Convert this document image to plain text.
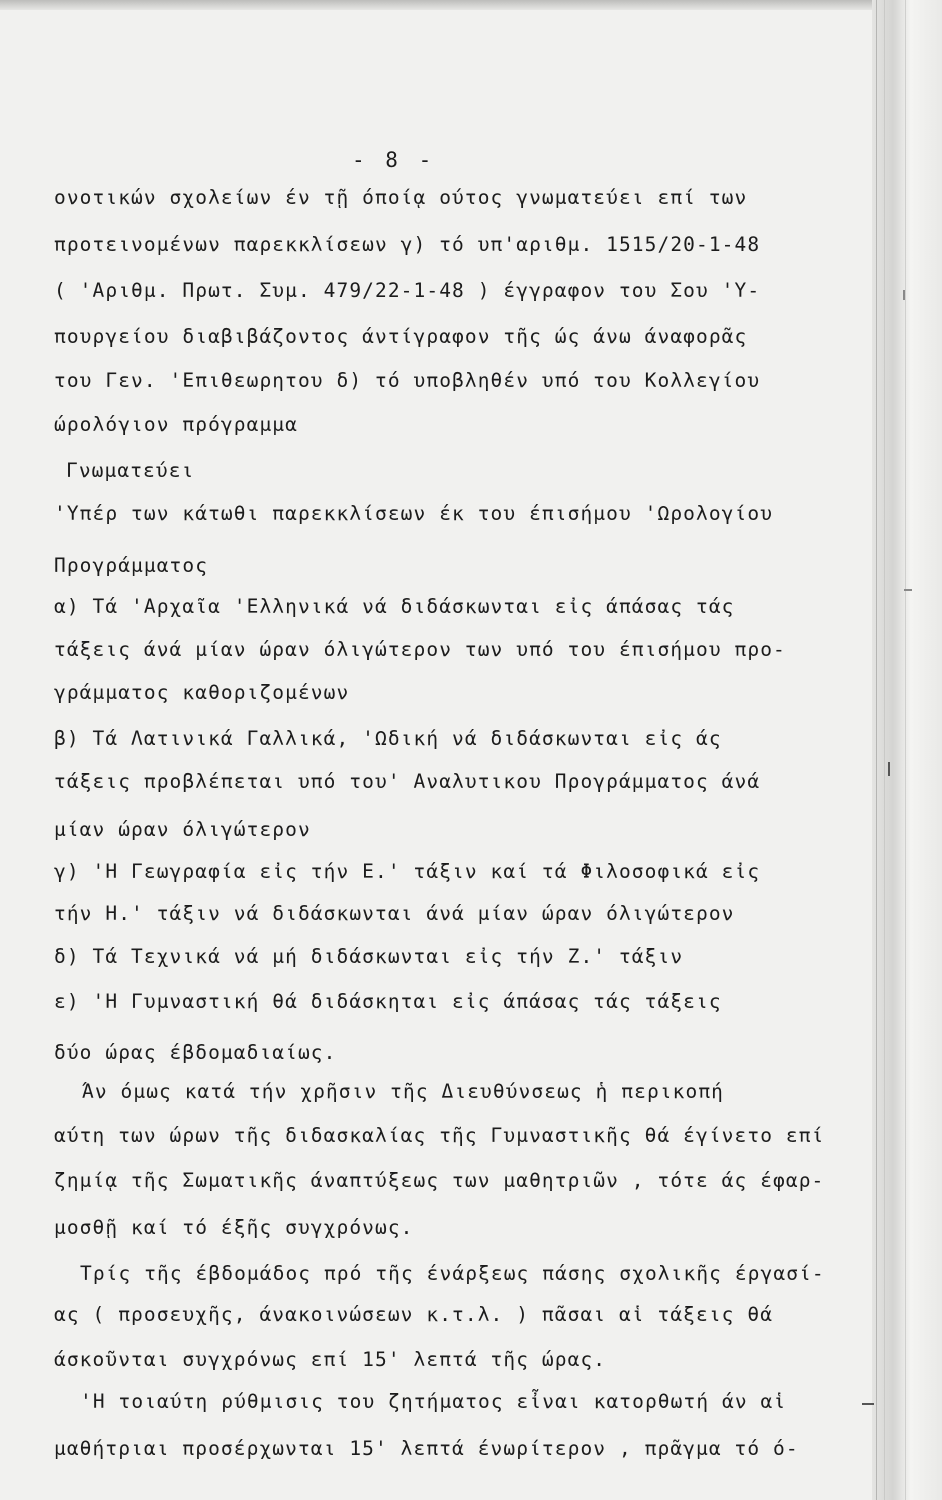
- 8 -
ονοτικών σχολείων έν τῇ όποίᾳ ούτος γνωματεύει επί των
προτεινομένων παρεκκλίσεων γ) τό υπ'αριθμ. 1515/20-1-48
( 'Αριθμ. Πρωτ. Συμ. 479/22-1-48 ) έγγραφον του Σου 'Υ-
πουργείου διαβιβάζοντος άντίγραφον τῆς ώς άνω άναφορᾶς
του Γεν. 'Επιθεωρητου δ) τό υποβληθέν υπό του Κολλεγίου
ώρολόγιον πρόγραμμα
Γνωματεύει
'Υπέρ των κάτωθι παρεκκλίσεων έκ του έπισήμου 'Ωρολογίου
Προγράμματος
α) Τά 'Αρχαῖα 'Ελληνικά νά διδάσκωνται εἰς άπάσας τάς
τάξεις άνά μίαν ώραν όλιγώτερον των υπό του έπισήμου προ-
γράμματος καθοριζομένων
β) Τά Λατινικά Γαλλικά, 'Ωδική νά διδάσκωνται εἰς άς
τάξεις προβλέπεται υπό του' Αναλυτικου Προγράμματος άνά
μίαν ώραν όλιγώτερον
γ) 'Η Γεωγραφία εἰς τήν Ε.' τάξιν καί τά Φιλοσοφικά εἰς
τήν Η.' τάξιν νά διδάσκωνται άνά μίαν ώραν όλιγώτερον
δ) Τά Τεχνικά νά μή διδάσκωνται εἰς τήν Ζ.' τάξιν
ε) 'Η Γυμναστική θά διδάσκηται εἰς άπάσας τάς τάξεις
δύο ώρας έβδομαδιαίως.
Άν όμως κατά τήν χρῆσιν τῆς Διευθύνσεως ἡ περικοπή
αύτη των ώρων τῆς διδασκαλίας τῆς Γυμναστικῆς θά έγίνετο επί
ζημίᾳ τῆς Σωματικῆς άναπτύξεως των μαθητριῶν , τότε άς έφαρ-
μοσθῇ καί τό έξῆς συγχρόνως.
Τρίς τῆς έβδομάδος πρό τῆς ένάρξεως πάσης σχολικῆς έργασί-
ας ( προσευχῆς, άνακοινώσεων κ.τ.λ. ) πᾶσαι αἱ τάξεις θά
άσκοῦνται συγχρόνως επί 15' λεπτά τῆς ώρας.
'Η τοιαύτη ρύθμισις του ζητήματος εἶναι κατορθωτή άν αἱ
μαθήτριαι προσέρχωνται 15' λεπτά ένωρίτερον , πρᾶγμα τό ό-
